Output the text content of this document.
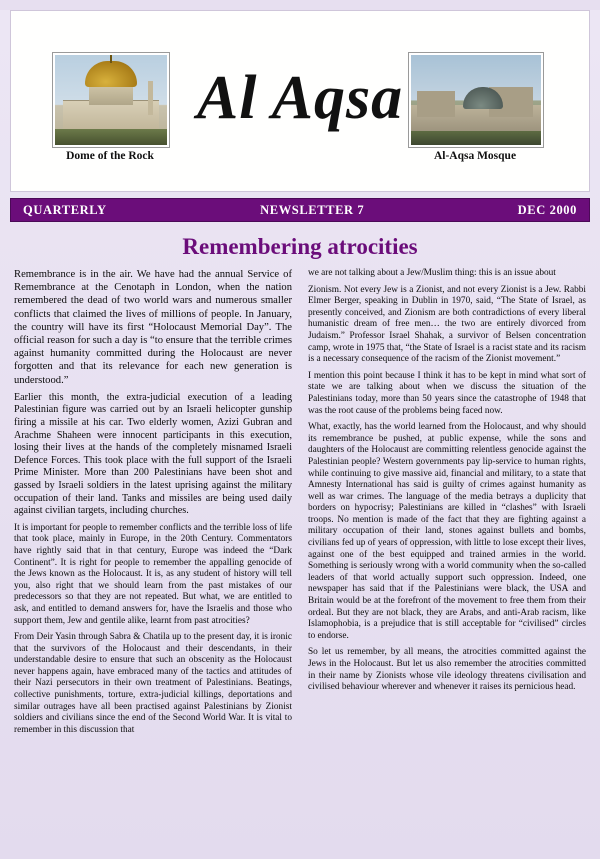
Dome of the Rock
Al Aqsa
Al-Aqsa Mosque
QUARTERLY	NEWSLETTER 7	DEC 2000
Remembering atrocities

Remembrance is in the air. We have had the annual Service of Remembrance at the Cenotaph in London, when the nation remembered the dead of two world wars and numerous smaller conflicts that claimed the lives of millions of people. In January, the country will have its first “Holocaust Memorial Day”. The official reason for such a day is “to ensure that the terrible crimes against humanity committed during the Holocaust are never forgotten and that its relevance for each new generation is understood.”

Earlier this month, the extra-judicial execution of a leading Palestinian figure was carried out by an Israeli helicopter gunship firing a missile at his car. Two elderly women, Azizi Gubran and Arachme Shaheen were innocent participants in this execution, losing their lives at the hands of the completely misnamed Israeli Defence Forces. This took place with the full support of the Israeli Prime Minister. More than 200 Palestinians have been shot and gassed by Israeli soldiers in the latest uprising against the military occupation of their land. Tanks and missiles are being used daily against civilian targets, including churches.

It is important for people to remember conflicts and the terrible loss of life that took place, mainly in Europe, in the 20th Century. Commentators have rightly said that in that century, Europe was indeed the “Dark Continent”. It is right for people to remember the appalling genocide of the Jews known as the Holocaust. It is, as any student of history will tell you, also right that we should learn from the past mistakes of our predecessors so that they are not repeated. But what, we are entitled to ask, and entitled to demand answers for, have the Israelis and those who support them, Jew and gentile alike, learnt from past atrocities?

From Deir Yasin through Sabra & Chatila up to the present day, it is ironic that the survivors of the Holocaust and their descendants, in their understandable desire to ensure that such an obscenity as the Holocaust never happens again, have embraced many of the tactics and attitudes of their Nazi persecutors in their own treatment of Palestinians. Beatings, collective punishments, torture, extra-judicial killings, deportations and similar outrages have all been practised against Palestinians by Zionist soldiers and civilians since the end of the Second World War. It is vital to remember in this discussion that

we are not talking about a Jew/Muslim thing: this is an issue about

Zionism. Not every Jew is a Zionist, and not every Zionist is a Jew. Rabbi Elmer Berger, speaking in Dublin in 1970, said, “The State of Israel, as presently conceived, and Zionism are both contradictions of every liberal humanistic dream of free men… the two are entirely divorced from Judaism.” Professor Israel Shahak, a survivor of Belsen concentration camp, wrote in 1975 that, “the State of Israel is a racist state and its racism is a necessary consequence of the racism of the Zionist movement.”

I mention this point because I think it has to be kept in mind what sort of state we are talking about when we discuss the situation of the Palestinians today, more than 50 years since the catastrophe of 1948 that was the root cause of the problems being faced now.

What, exactly, has the world learned from the Holocaust, and why should its remembrance be pushed, at public expense, while the sons and daughters of the Holocaust are committing relentless genocide against the Palestinian people? Western governments pay lip-service to human rights, while continuing to give massive aid, financial and military, to a state that Amnesty International has said is guilty of crimes against humanity as well as war crimes. The language of the media betrays a duplicity that borders on hypocrisy; Palestinians are killed in “clashes” with Israeli troops. No mention is made of the fact that they are fighting against a military occupation of their land, stones against bullets and bombs, civilians fed up of years of oppression, with little to lose except their lives, against one of the best equipped and trained armies in the world. Something is seriously wrong with a world community when the so-called leaders of that world actually support such oppression. Indeed, one newspaper has said that if the Palestinians were black, the USA and Britain would be at the forefront of the movement to free them from their ordeal. But they are not black, they are Arabs, and anti-Arab racism, like Islamophobia, is a prejudice that is still acceptable for “civilised” circles to endorse.

So let us remember, by all means, the atrocities committed against the Jews in the Holocaust. But let us also remember the atrocities committed in their name by Zionists whose vile ideology threatens civilisation and civilised behaviour wherever and whenever it raises its pernicious head.
